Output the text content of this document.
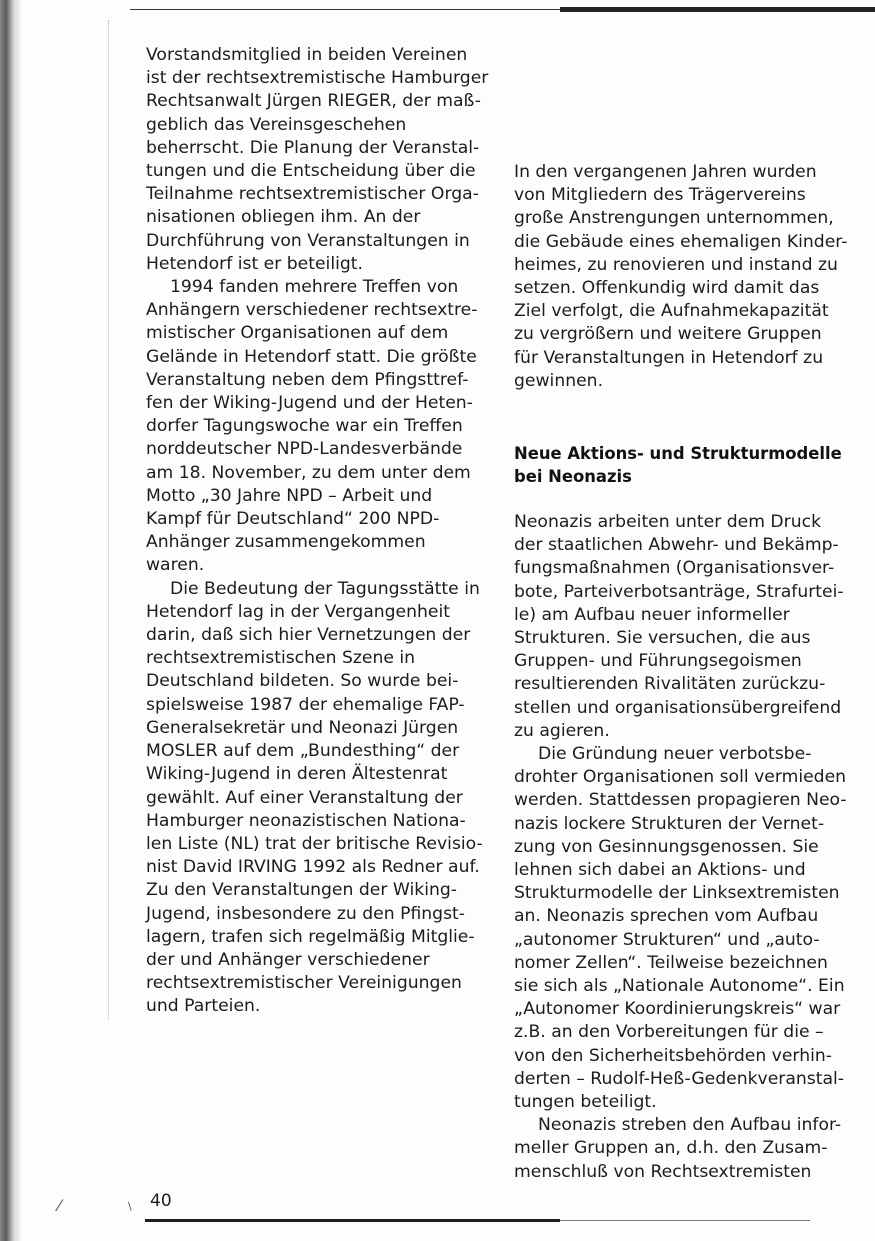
Vorstandsmitglied in beiden Vereinen

ist der rechtsextremistische Hamburger

Rechtsanwalt Jürgen RIEGER, der maß-

geblich das Vereinsgeschehen

beherrscht. Die Planung der Veranstal-

tungen und die Entscheidung über die

Teilnahme rechtsextremistischer Orga-

nisationen obliegen ihm. An der

Durchführung von Veranstaltungen in

Hetendorf ist er beteiligt.

1994 fanden mehrere Treffen von

Anhängern verschiedener rechtsextre-

mistischer Organisationen auf dem

Gelände in Hetendorf statt. Die größte

Veranstaltung neben dem Pfingsttref-

fen der Wiking-Jugend und der Heten-

dorfer Tagungswoche war ein Treffen

norddeutscher NPD-Landesverbände

am 18. November, zu dem unter dem

Motto „30 Jahre NPD – Arbeit und

Kampf für Deutschland“ 200 NPD-

Anhänger zusammengekommen

waren.

Die Bedeutung der Tagungsstätte in

Hetendorf lag in der Vergangenheit

darin, daß sich hier Vernetzungen der

rechtsextremistischen Szene in

Deutschland bildeten. So wurde bei-

spielsweise 1987 der ehemalige FAP-

Generalsekretär und Neonazi Jürgen

MOSLER auf dem „Bundesthing“ der

Wiking-Jugend in deren Ältestenrat

gewählt. Auf einer Veranstaltung der

Hamburger neonazistischen Nationa-

len Liste (NL) trat der britische Revisio-

nist David IRVING 1992 als Redner auf.

Zu den Veranstaltungen der Wiking-

Jugend, insbesondere zu den Pfingst-

lagern, trafen sich regelmäßig Mitglie-

der und Anhänger verschiedener

rechtsextremistischer Vereinigungen

und Parteien.

In den vergangenen Jahren wurden

von Mitgliedern des Trägervereins

große Anstrengungen unternommen,

die Gebäude eines ehemaligen Kinder-

heimes, zu renovieren und instand zu

setzen. Offenkundig wird damit das

Ziel verfolgt, die Aufnahmekapazität

zu vergrößern und weitere Gruppen

für Veranstaltungen in Hetendorf zu

gewinnen.

Neue Aktions- und Strukturmodelle

bei Neonazis

Neonazis arbeiten unter dem Druck

der staatlichen Abwehr- und Bekämp-

fungsmaßnahmen (Organisationsver-

bote, Parteiverbotsanträge, Strafurtei-

le) am Aufbau neuer informeller

Strukturen. Sie versuchen, die aus

Gruppen- und Führungsegoismen

resultierenden Rivalitäten zurückzu-

stellen und organisationsübergreifend

zu agieren.

Die Gründung neuer verbotsbe-

drohter Organisationen soll vermieden

werden. Stattdessen propagieren Neo-

nazis lockere Strukturen der Vernet-

zung von Gesinnungsgenossen. Sie

lehnen sich dabei an Aktions- und

Strukturmodelle der Linksextremisten

an. Neonazis sprechen vom Aufbau

„autonomer Strukturen“ und „auto-

nomer Zellen“. Teilweise bezeichnen

sie sich als „Nationale Autonome“. Ein

„Autonomer Koordinierungskreis“ war

z.B. an den Vorbereitungen für die –

von den Sicherheitsbehörden verhin-

derten – Rudolf-Heß-Gedenkveranstal-

tungen beteiligt.

Neonazis streben den Aufbau infor-

meller Gruppen an, d.h. den Zusam-

menschluß von Rechtsextremisten

40
⁄	\
